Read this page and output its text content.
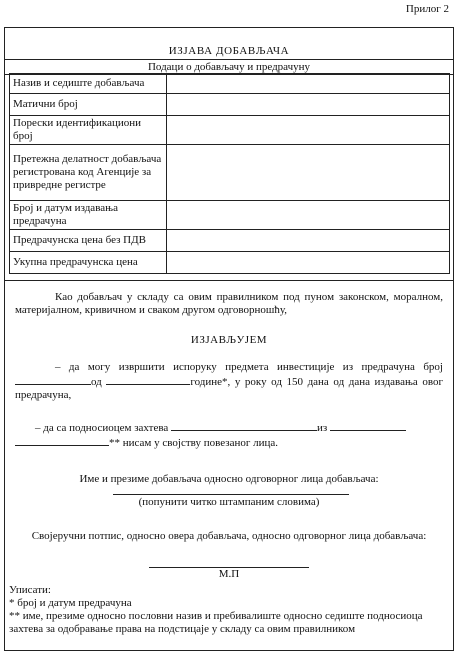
Прилог 2
ИЗЈАВА ДОБАВЉАЧА
Подаци о добављачу и предрачуну
Назив и седиште добављача	
Матични број	
Порески идентификациони број	
Претежна делатност добављача регистрована код Агенције за привредне регистре	
Број и датум издавања предрачуна	
Предрачунска цена без ПДВ	
Укупна предрачунска цена	
Као добављач у складу са овим правилником под пуном законском, моралном, материјалном, кривичном и сваком другом одговорношћу,
ИЗЈАВЉУЈЕМ
– да могу извршити испоруку предмета инвестиције из предрачуна број од	године*, у року од 150 дана од дана издавања овог предрачуна,
– да са подносиоцем захтева	из
** нисам у својству повезаног лица.
Име и презиме добављача односно одговорног лица добављача:
(попунити читко штампаним словима)
Својеручни потпис, односно овера добављача, односно одговорног лица добављача:
М.П
Уписати:
* број и датум предрачуна
** име, презиме односно пословни назив и пребивалиште односно седиште подносиоца захтева за одобравање права на подстицаје у складу са овим правилником
